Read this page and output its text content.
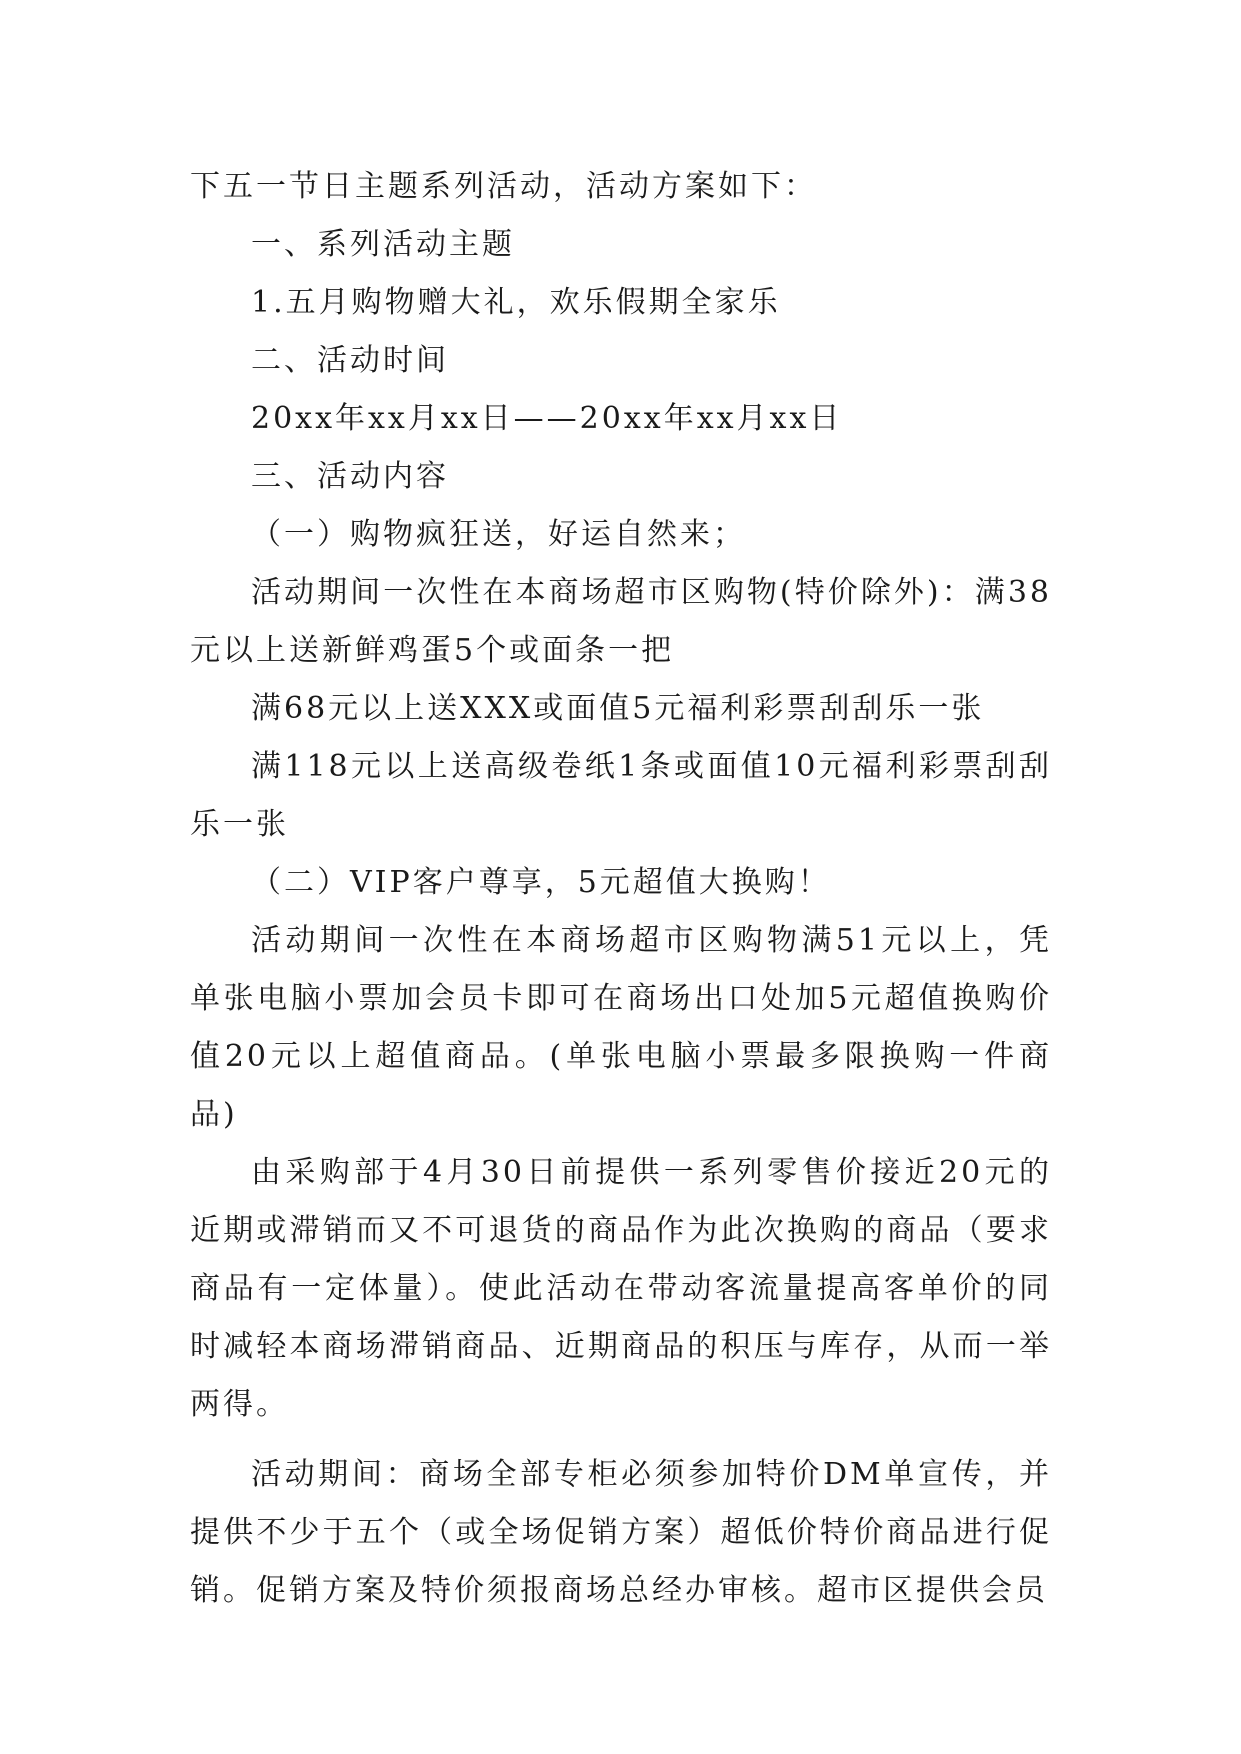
下五一节日主题系列活动，活动方案如下：

一、系列活动主题

1.五月购物赠大礼，欢乐假期全家乐

二、活动时间

20xx年xx月xx日——20xx年xx月xx日

三、活动内容

（一）购物疯狂送，好运自然来；

活动期间一次性在本商场超市区购物(特价除外)：满38元以上送新鲜鸡蛋5个或面条一把

满68元以上送XXX或面值5元福利彩票刮刮乐一张

满118元以上送高级卷纸1条或面值10元福利彩票刮刮乐一张

（二）VIP客户尊享，5元超值大换购！

活动期间一次性在本商场超市区购物满51元以上，凭单张电脑小票加会员卡即可在商场出口处加5元超值换购价值20元以上超值商品。(单张电脑小票最多限换购一件商品)

由采购部于4月30日前提供一系列零售价接近20元的近期或滞销而又不可退货的商品作为此次换购的商品（要求商品有一定体量）。使此活动在带动客流量提高客单价的同时减轻本商场滞销商品、近期商品的积压与库存，从而一举两得。

活动期间：商场全部专柜必须参加特价DM单宣传，并提供不少于五个（或全场促销方案）超低价特价商品进行促销。促销方案及特价须报商场总经办审核。超市区提供会员
